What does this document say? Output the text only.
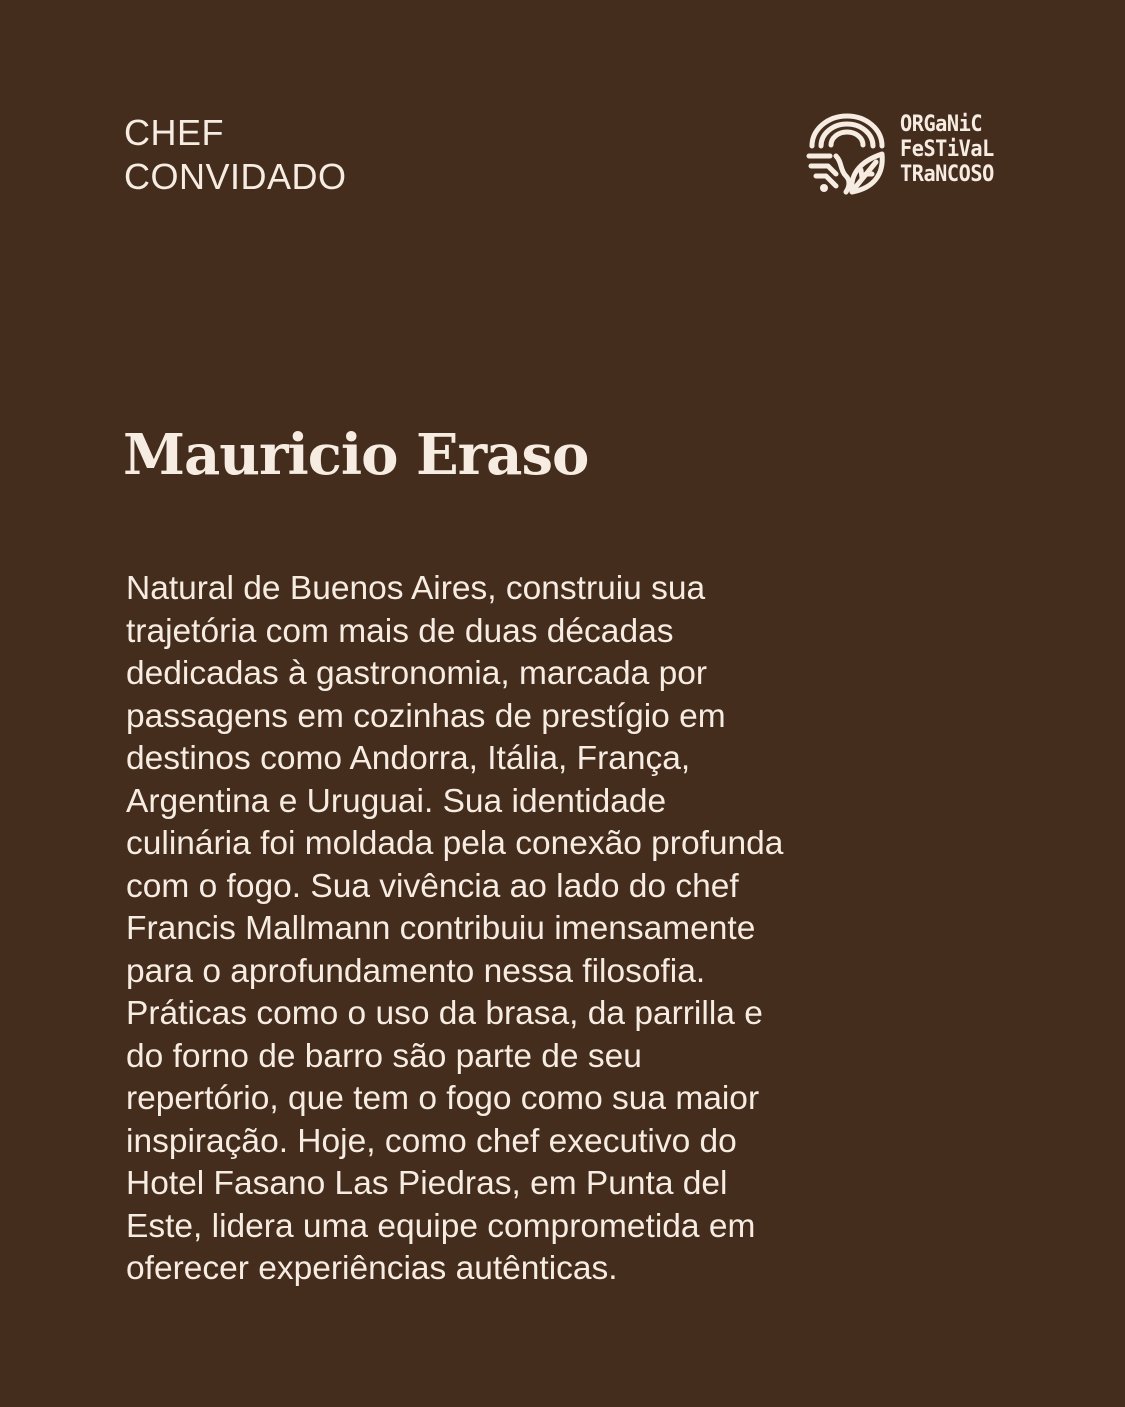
CHEF
CONVIDADO
ORGaNiC
FeSTiVaL
TRaNCOSO
Mauricio Eraso

Natural de Buenos Aires, construiu sua
trajetória com mais de duas décadas
dedicadas à gastronomia, marcada por
passagens em cozinhas de prestígio em
destinos como Andorra, Itália, França,
Argentina e Uruguai. Sua identidade
culinária foi moldada pela conexão profunda
com o fogo. Sua vivência ao lado do chef
Francis Mallmann contribuiu imensamente
para o aprofundamento nessa filosofia.
Práticas como o uso da brasa, da parrilla e
do forno de barro são parte de seu
repertório, que tem o fogo como sua maior
inspiração. Hoje, como chef executivo do
Hotel Fasano Las Piedras, em Punta del
Este, lidera uma equipe comprometida em
oferecer experiências autênticas.
